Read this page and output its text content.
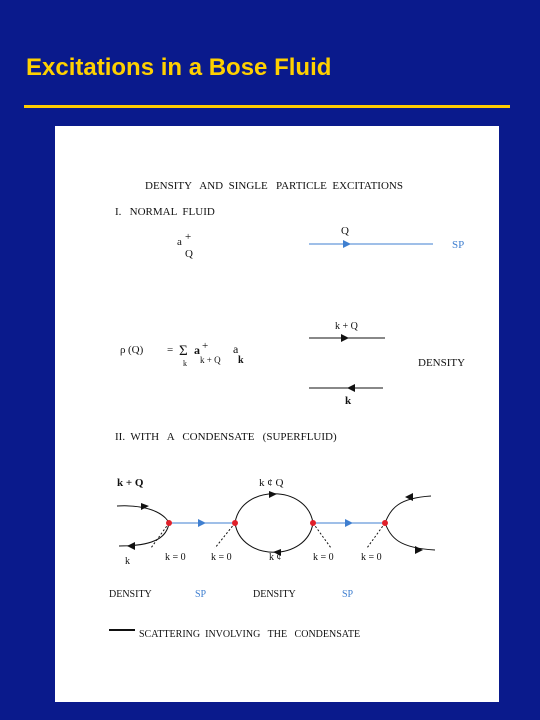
Excitations in a Bose Fluid
DENSITY   AND  SINGLE   PARTICLE  EXCITATIONS
I.   NORMAL  FLUID
a +
Q
Q
SP
ρ (Q) = Σ
k
a +
k + Q
a
k
k + Q
DENSITY
k
II.  WITH   A   CONDENSATE   (SUPERFLUID)
k + Q	k ¢ Q
k	k = 0	k = 0	k ¢	k = 0	k = 0
DENSITY	SP	DENSITY	SP
SCATTERING  INVOLVING   THE   CONDENSATE
